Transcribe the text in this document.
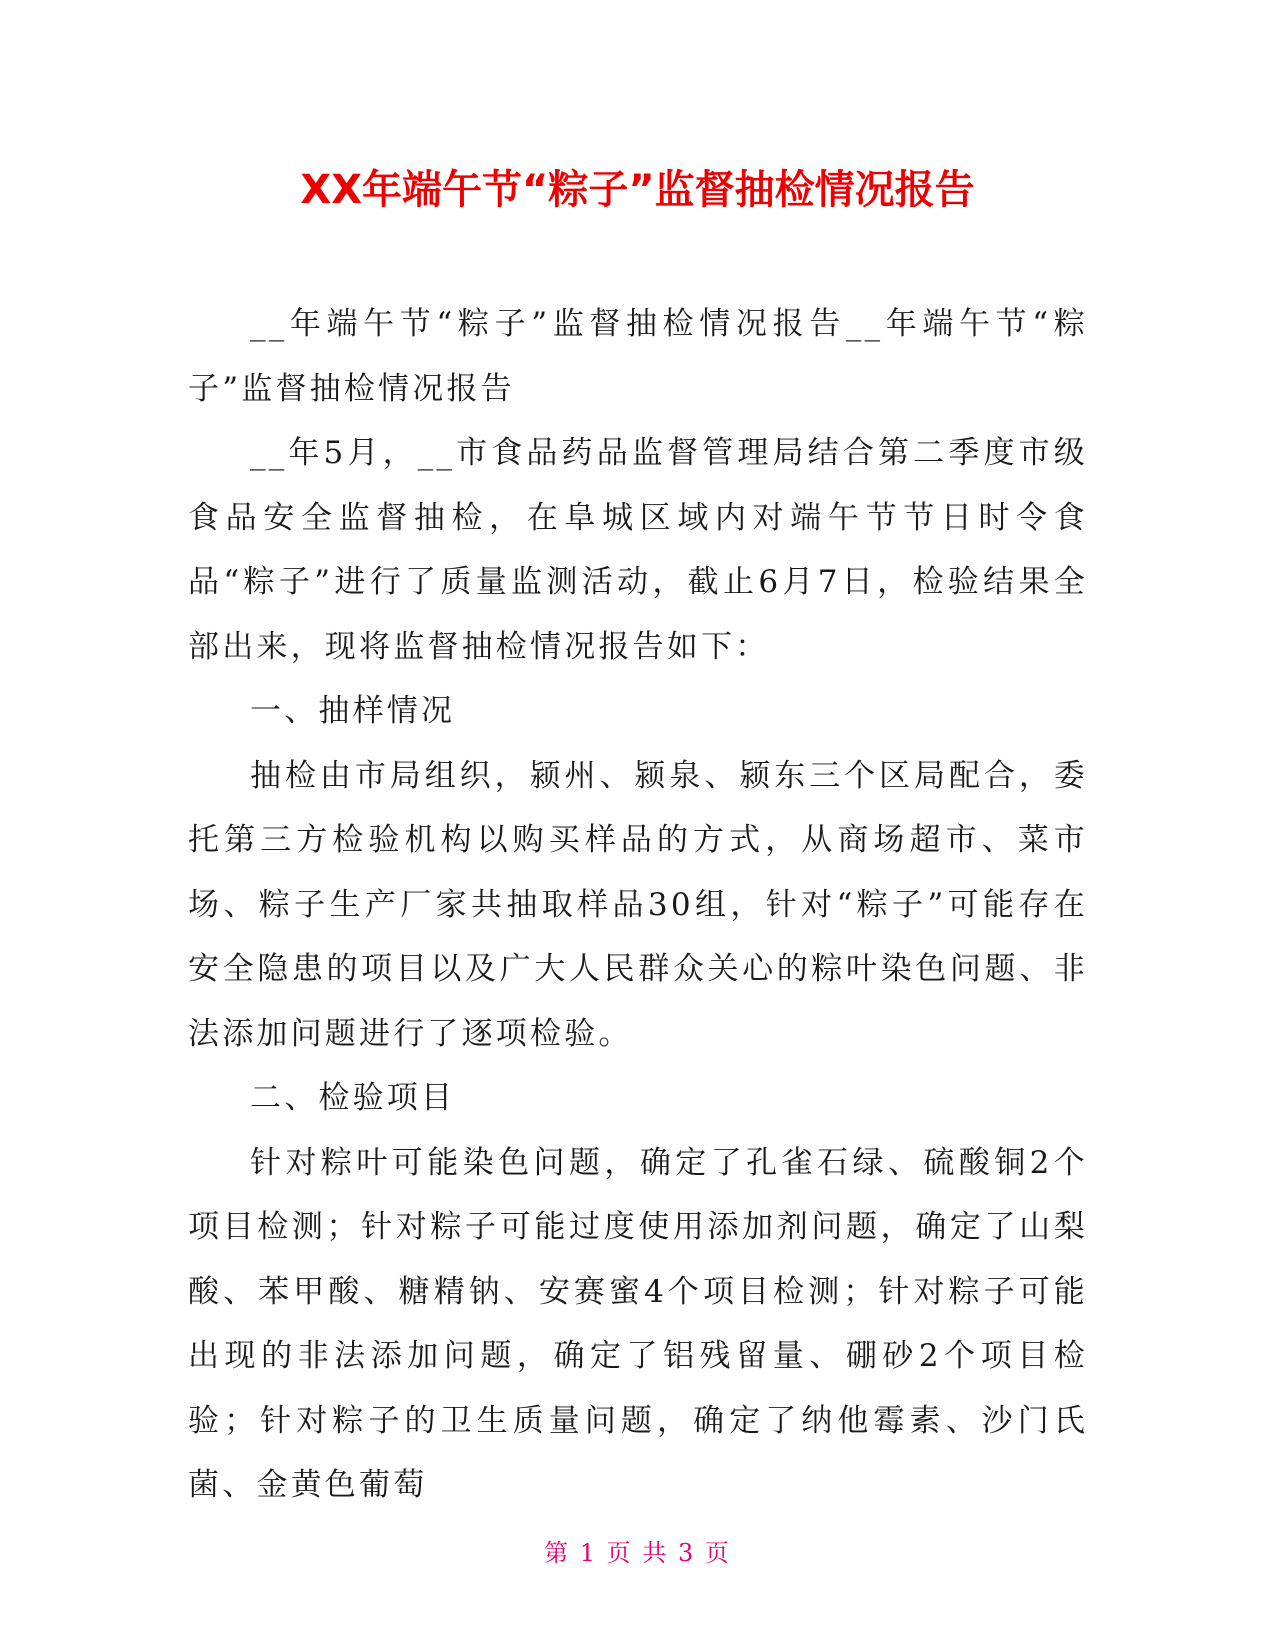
XX年端午节“粽子”监督抽检情况报告

__年端午节“粽子”监督抽检情况报告__年端午节“粽子”监督抽检情况报告

__年5月，__市食品药品监督管理局结合第二季度市级食品安全监督抽检，在阜城区域内对端午节节日时令食品“粽子”进行了质量监测活动，截止6月7日，检验结果全部出来，现将监督抽检情况报告如下：

一、抽样情况

抽检由市局组织，颍州、颍泉、颍东三个区局配合，委托第三方检验机构以购买样品的方式，从商场超市、菜市场、粽子生产厂家共抽取样品30组，针对“粽子”可能存在安全隐患的项目以及广大人民群众关心的粽叶染色问题、非法添加问题进行了逐项检验。

二、检验项目

针对粽叶可能染色问题，确定了孔雀石绿、硫酸铜2个项目检测；针对粽子可能过度使用添加剂问题，确定了山梨酸、苯甲酸、糖精钠、安赛蜜4个项目检测；针对粽子可能出现的非法添加问题，确定了铝残留量、硼砂2个项目检验；针对粽子的卫生质量问题，确定了纳他霉素、沙门氏菌、金黄色葡萄

第 1 页 共 3 页
